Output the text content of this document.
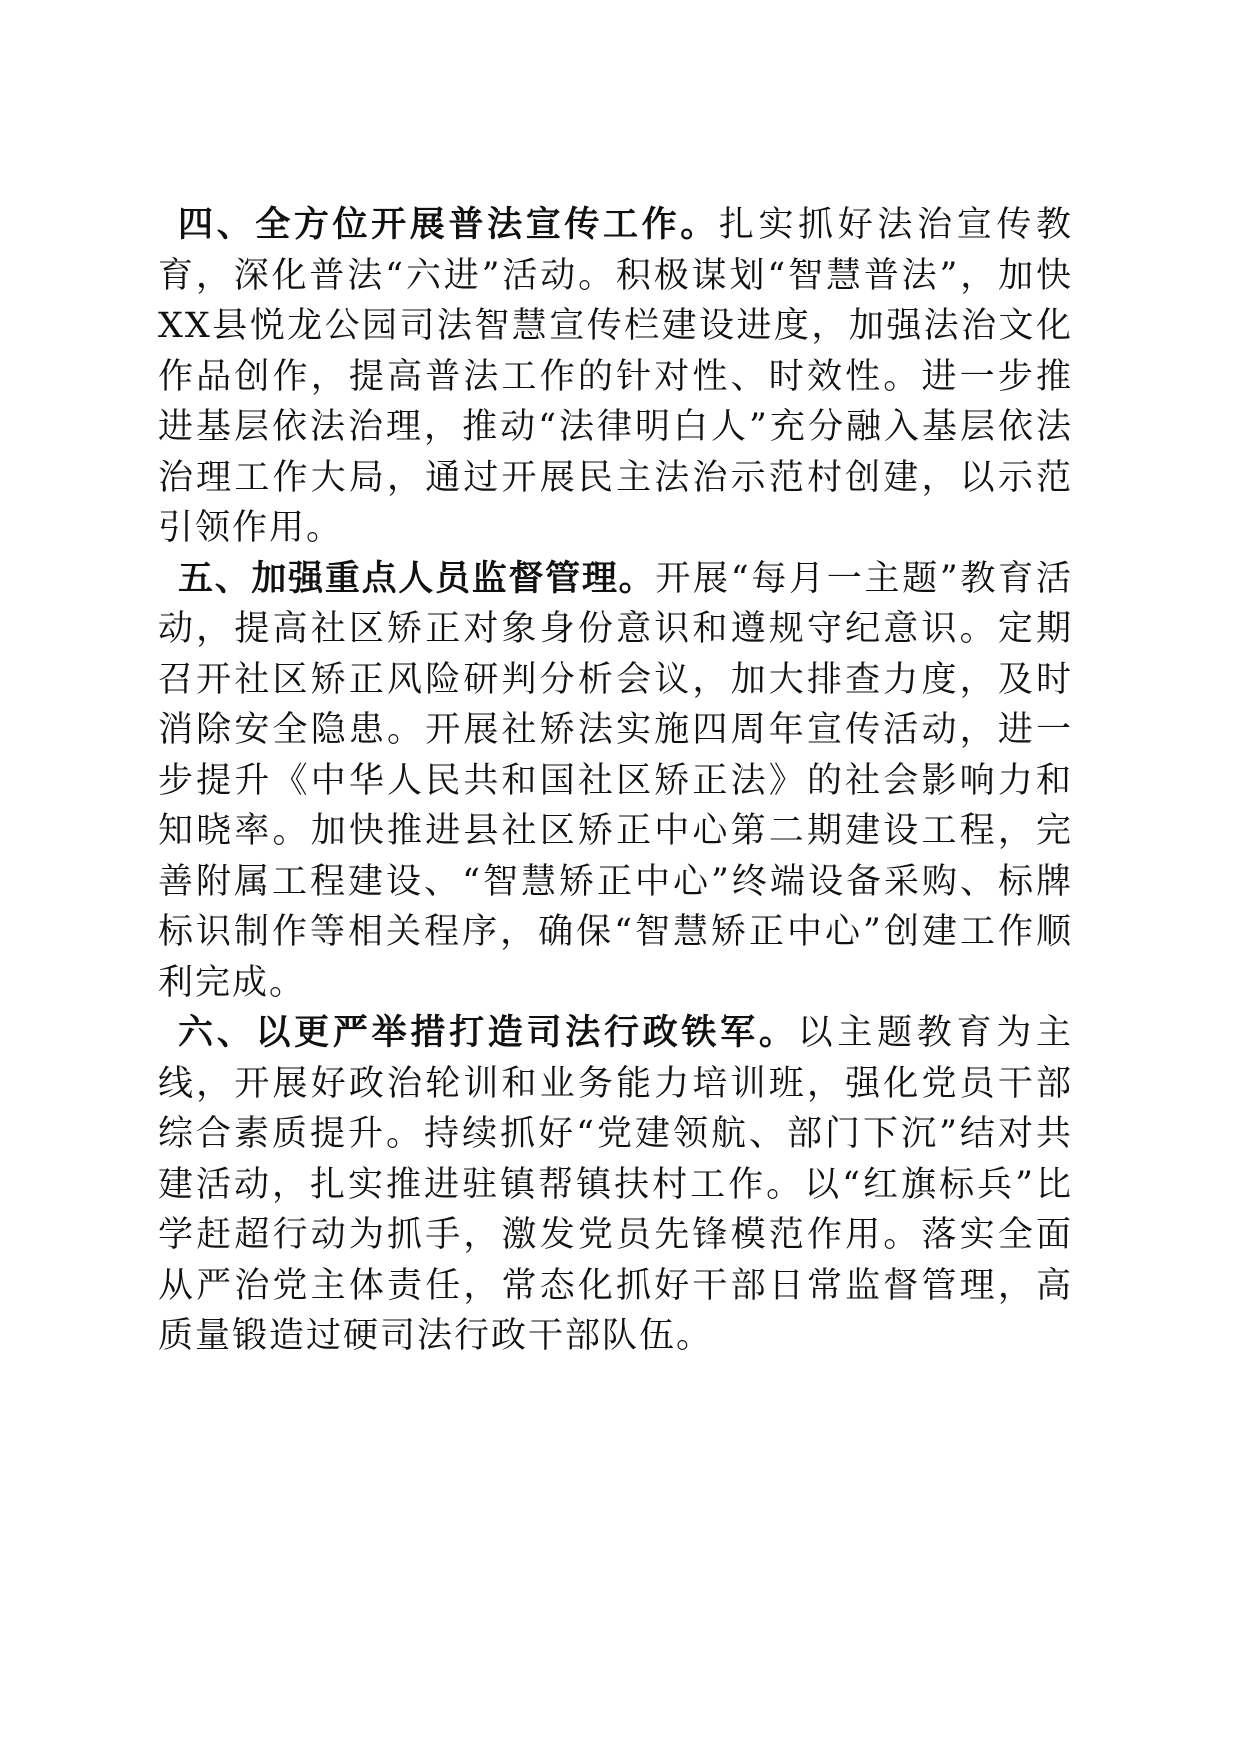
四、全方位开展普法宣传工作。扎实抓好法治宣传教育，深化普法“六进”活动。积极谋划“智慧普法”，加快XX县悦龙公园司法智慧宣传栏建设进度，加强法治文化作品创作，提高普法工作的针对性、时效性。进一步推进基层依法治理，推动“法律明白人”充分融入基层依法治理工作大局，通过开展民主法治示范村创建，以示范引领作用。

五、加强重点人员监督管理。开展“每月一主题”教育活动，提高社区矫正对象身份意识和遵规守纪意识。定期召开社区矫正风险研判分析会议，加大排查力度，及时消除安全隐患。开展社矫法实施四周年宣传活动，进一步提升《中华人民共和国社区矫正法》的社会影响力和知晓率。加快推进县社区矫正中心第二期建设工程，完善附属工程建设、“智慧矫正中心”终端设备采购、标牌标识制作等相关程序，确保“智慧矫正中心”创建工作顺利完成。

六、以更严举措打造司法行政铁军。以主题教育为主线，开展好政治轮训和业务能力培训班，强化党员干部综合素质提升。持续抓好“党建领航、部门下沉”结对共建活动，扎实推进驻镇帮镇扶村工作。以“红旗标兵”比学赶超行动为抓手，激发党员先锋模范作用。落实全面从严治党主体责任，常态化抓好干部日常监督管理，高质量锻造过硬司法行政干部队伍。
